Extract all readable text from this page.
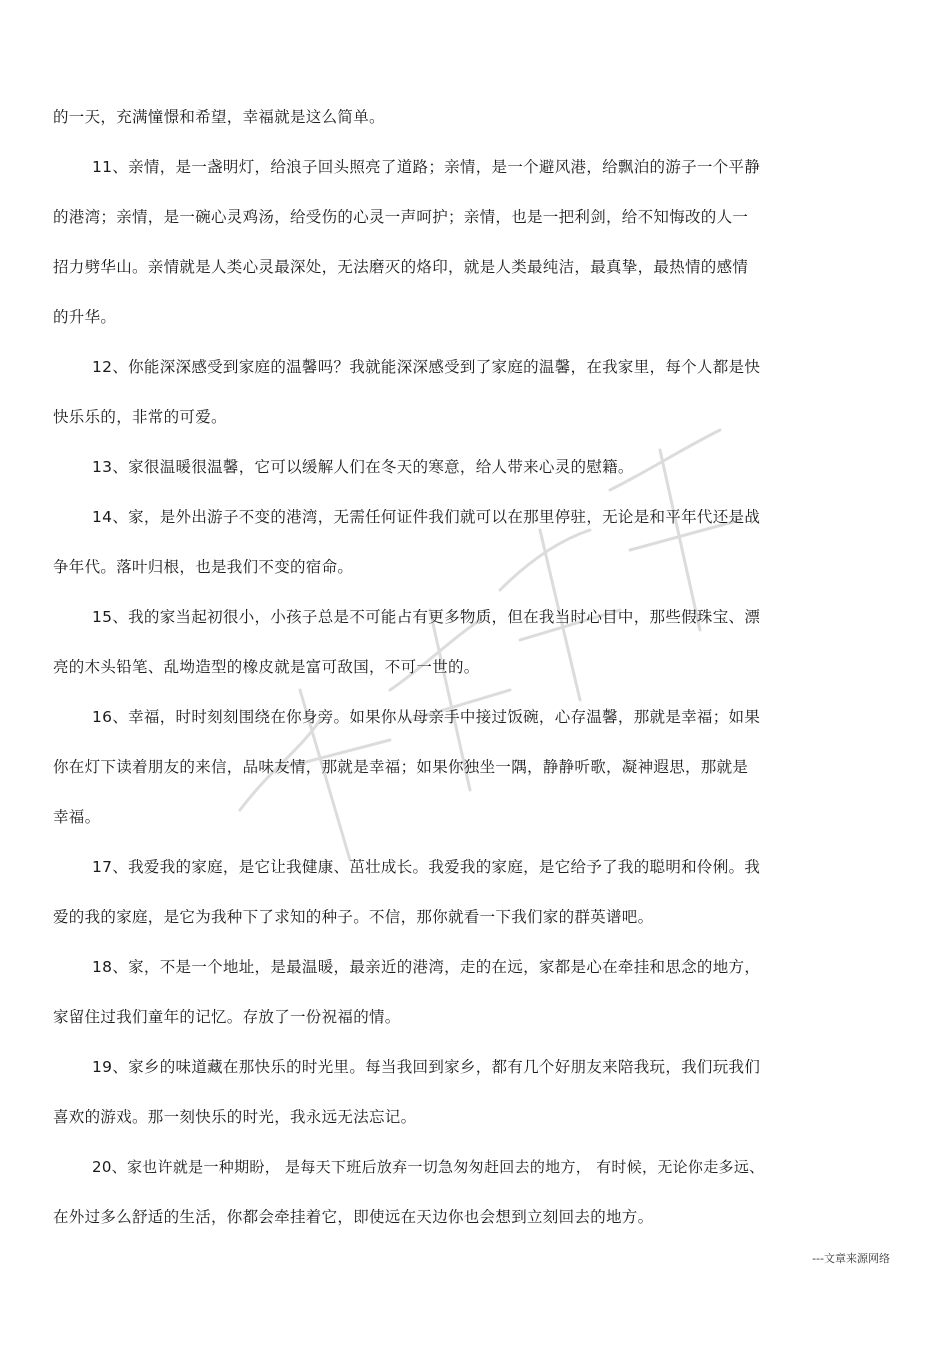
的一天，充满憧憬和希望，幸福就是这么简单。
11、亲情，是一盏明灯，给浪子回头照亮了道路；亲情，是一个避风港，给飘泊的游子一个平静
的港湾；亲情，是一碗心灵鸡汤，给受伤的心灵一声呵护；亲情，也是一把利剑，给不知悔改的人一
招力劈华山。亲情就是人类心灵最深处，无法磨灭的烙印，就是人类最纯洁，最真挚，最热情的感情
的升华。
12、你能深深感受到家庭的温馨吗？我就能深深感受到了家庭的温馨，在我家里，每个人都是快
快乐乐的，非常的可爱。
13、家很温暖很温馨，它可以缓解人们在冬天的寒意，给人带来心灵的慰籍。
14、家，是外出游子不变的港湾，无需任何证件我们就可以在那里停驻，无论是和平年代还是战
争年代。落叶归根，也是我们不变的宿命。
15、我的家当起初很小，小孩子总是不可能占有更多物质，但在我当时心目中，那些假珠宝、漂
亮的木头铅笔、乱坳造型的橡皮就是富可敌国，不可一世的。
16、幸福，时时刻刻围绕在你身旁。如果你从母亲手中接过饭碗，心存温馨，那就是幸福；如果
你在灯下读着朋友的来信，品味友情，那就是幸福；如果你独坐一隅，静静听歌，凝神遐思，那就是
幸福。
17、我爱我的家庭，是它让我健康、茁壮成长。我爱我的家庭，是它给予了我的聪明和伶俐。我
爱的我的家庭，是它为我种下了求知的种子。不信，那你就看一下我们家的群英谱吧。
18、家，不是一个地址，是最温暖，最亲近的港湾，走的在远，家都是心在牵挂和思念的地方，
家留住过我们童年的记忆。存放了一份祝福的情。
19、家乡的味道藏在那快乐的时光里。每当我回到家乡，都有几个好朋友来陪我玩，我们玩我们
喜欢的游戏。那一刻快乐的时光，我永远无法忘记。
20、家也许就是一种期盼， 是每天下班后放弃一切急匆匆赶回去的地方， 有时候，无论你走多远、
在外过多么舒适的生活，你都会牵挂着它，即使远在天边你也会想到立刻回去的地方。
---文章来源网络
